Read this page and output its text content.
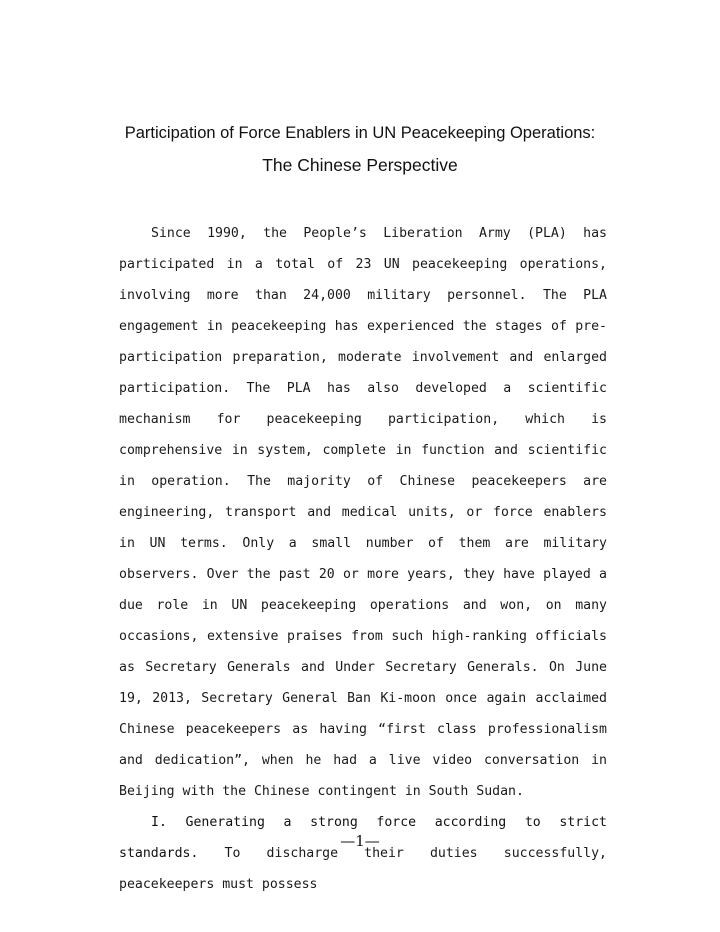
Participation of Force Enablers in UN Peacekeeping Operations:
The Chinese Perspective

Since 1990, the People’s Liberation Army (PLA) has participated in a total of 23 UN peacekeeping operations, involving more than 24,000 military personnel. The PLA engagement in peacekeeping has experienced the stages of pre-participation preparation, moderate involvement and enlarged participation. The PLA has also developed a scientific mechanism for peacekeeping participation, which is comprehensive in system, complete in function and scientific in operation. The majority of Chinese peacekeepers are engineering, transport and medical units, or force enablers in UN terms. Only a small number of them are military observers. Over the past 20 or more years, they have played a due role in UN peacekeeping operations and won, on many occasions, extensive praises from such high-ranking officials as Secretary Generals and Under Secretary Generals. On June 19, 2013, Secretary General Ban Ki-moon once again acclaimed Chinese peacekeepers as having “first class professionalism and dedication”, when he had a live video conversation in Beijing with the Chinese contingent in South Sudan.

I. Generating a strong force according to strict standards. To discharge their duties successfully, peacekeepers must possess

—1—
